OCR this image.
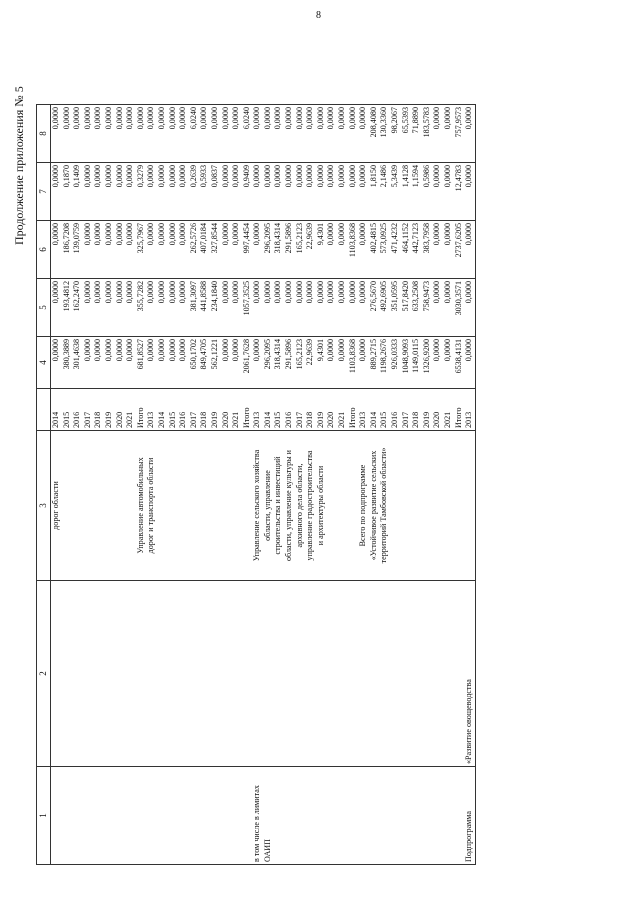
8
Продолжение приложения № 5
1	2	3		4	5	6	7	8
		дорог области	2014	0,0000	0,0000	0,0000	0,0000	0,0000
			2015	380,3889	193,4812	186,7208	0,1870	0,0000
			2016	301,4638	162,2470	139,0759	0,1409	0,0000
			2017	0,0000	0,0000	0,0000	0,0000	0,0000
			2018	0,0000	0,0000	0,0000	0,0000	0,0000
			2019	0,0000	0,0000	0,0000	0,0000	0,0000
			2020	0,0000	0,0000	0,0000	0,0000	0,0000
			2021	0,0000	0,0000	0,0000	0,0000	0,0000

		Управление автомобильных	Итого	681,8527	355,7282	325,7967	0,3279	0,0000
		дорог и транспорта области	2013	0,0000	0,0000	0,0000	0,0000	0,0000
			2014	0,0000	0,0000	0,0000	0,0000	0,0000
			2015	0,0000	0,0000	0,0000	0,0000	0,0000
			2016	0,0000	0,0000	0,0000	0,0000	0,0000
			2017	650,1702	381,3097	262,5726	0,2639	6,0240
			2018	849,4705	441,8588	407,0184	0,5933	0,0000
			2019	562,1221	234,1840	327,8544	0,0837	0,0000
			2020	0,0000	0,0000	0,0000	0,0000	0,0000
			2021	0,0000	0,0000	0,0000	0,0000	0,0000
			Итого	2061,7628	1057,3525	997,4454	0,9409	6,0240
в том числе в лимитах		Управление сельского хозяйства	2013	0,0000	0,0000	0,0000	0,0000	0,0000
ОАИП		области, управление	2014	296,2095	0,0000	296,2095	0,0000	0,0000
		строительства и инвестиций	2015	318,4314	0,0000	318,4314	0,0000	0,0000
		области, управление культуры и	2016	291,5896	0,0000	291,5896	0,0000	0,0000
		архивного дела области,	2017	165,2123	0,0000	165,2123	0,0000	0,0000
		управление градостроительства	2018	22,9639	0,0000	22,9639	0,0000	0,0000
		и архитектуры области	2019	9,4301	0,0000	9,4301	0,0000	0,0000
			2020	0,0000	0,0000	0,0000	0,0000	0,0000
			2021	0,0000	0,0000	0,0000	0,0000	0,0000
			Итого	1103,8368	0,0000	1103,8368	0,0000	0,0000

		Всего по подпрограмме	2013	0,0000	0,0000	0,0000	0,0000	0,0000
		«Устойчивое развитие сельских	2014	889,2715	276,5670	402,4815	1,8150	208,4080
		территорий Тамбовской области»	2015	1198,2676	492,6905	573,0925	2,1486	130,3360
			2016	926,0333	351,0595	471,4232	5,3439	98,2067
			2017	1048,9093	517,8420	464,1152	1,4128	65,5393
			2018	1149,0115	633,2508	442,7123	1,1594	71,8890
			2019	1326,9200	758,9473	383,7958	0,5986	183,5783
			2020	0,0000	0,0000	0,0000	0,0000	0,0000
			2021	0,0000	0,0000	0,0000	0,0000	0,0000
			Итого	6538,4131	3030,3571	2737,6205	12,4783	757,9573
Подпрограмма	«Развитие овощеводства		2013	0,0000	0,0000	0,0000	0,0000	0,0000
